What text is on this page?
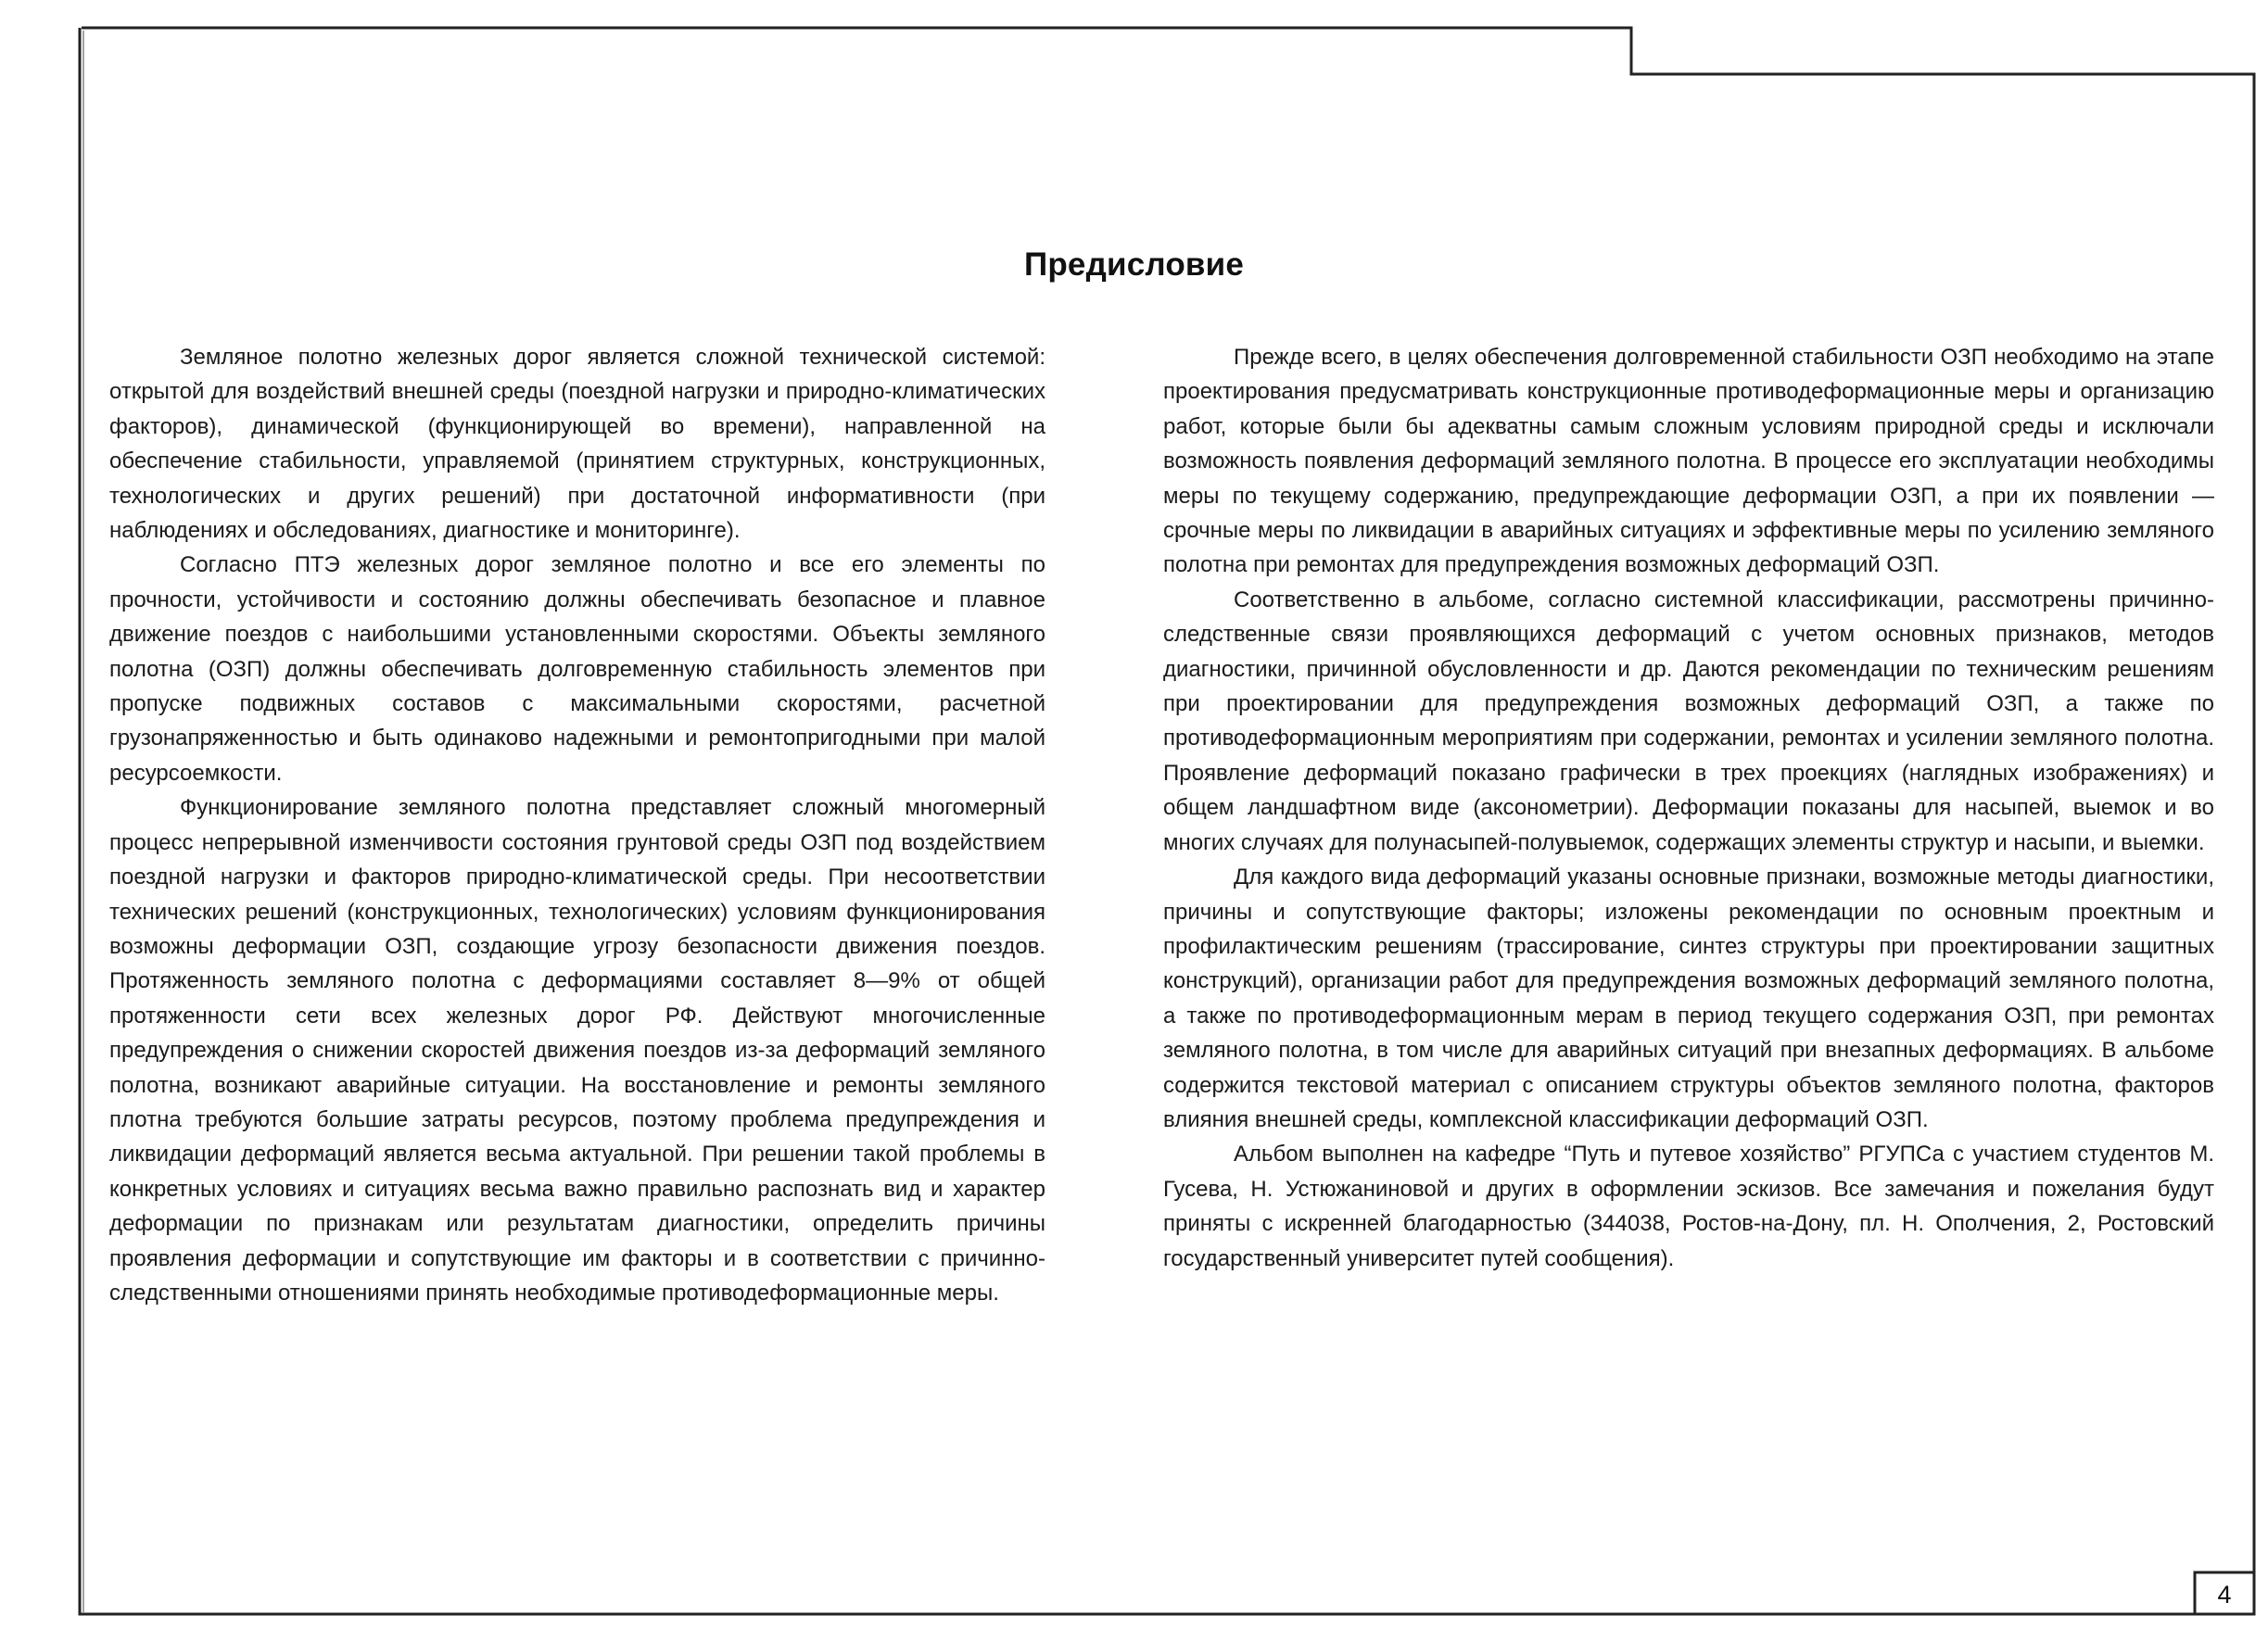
Предисловие

Земляное полотно железных дорог является сложной технической системой: открытой для воздействий внешней среды (поездной нагрузки и природно-климатических факторов), динамической (функционирующей во времени), направленной на обеспечение стабильности, управляемой (принятием структурных, конструкционных, технологических и других решений) при достаточной информативности (при наблюдениях и обследованиях, диагностике и мониторинге).

Согласно ПТЭ железных дорог земляное полотно и все его элементы по прочности, устойчивости и состоянию должны обеспечивать безопасное и плавное движение поездов с наибольшими установленными скоростями. Объекты земляного полотна (ОЗП) должны обеспечивать долговременную стабильность элементов при пропуске подвижных составов с максимальными скоростями, расчетной грузонапряженностью и быть одинаково надежными и ремонтопригодными при малой ресурсоемкости.

Функционирование земляного полотна представляет сложный многомерный процесс непрерывной изменчивости состояния грунтовой среды ОЗП под воздействием поездной нагрузки и факторов природно-климатической среды. При несоответствии технических решений (конструкционных, технологических) условиям функционирования возможны деформации ОЗП, создающие угрозу безопасности движения поездов. Протяженность земляного полотна с деформациями составляет 8—9% от общей протяженности сети всех железных дорог РФ. Действуют многочисленные предупреждения о снижении скоростей движения поездов из-за деформаций земляного полотна, возникают аварийные ситуации. На восстановление и ремонты земляного плотна требуются большие затраты ресурсов, поэтому проблема предупреждения и ликвидации деформаций является весьма актуальной. При решении такой проблемы в конкретных условиях и ситуациях весьма важно правильно распознать вид и характер деформации по признакам или результатам диагностики, определить причины проявления деформации и сопутствующие им факторы и в соответствии с причинно-следственными отношениями принять необходимые противодеформационные меры.

Прежде всего, в целях обеспечения долговременной стабильности ОЗП необходимо на этапе проектирования предусматривать конструкционные противодеформационные меры и организацию работ, которые были бы адекватны самым сложным условиям природной среды и исключали возможность появления деформаций земляного полотна. В процессе его эксплуатации необходимы меры по текущему содержанию, предупреждающие деформации ОЗП, а при их появлении — срочные меры по ликвидации в аварийных ситуациях и эффективные меры по усилению земляного полотна при ремонтах для предупреждения возможных деформаций ОЗП.

Соответственно в альбоме, согласно системной классификации, рассмотрены причинно-следственные связи проявляющихся деформаций с учетом основных признаков, методов диагностики, причинной обусловленности и др. Даются рекомендации по техническим решениям при проектировании для предупреждения возможных деформаций ОЗП, а также по противодеформационным мероприятиям при содержании, ремонтах и усилении земляного полотна. Проявление деформаций показано графически в трех проекциях (наглядных изображениях) и общем ландшафтном виде (аксонометрии). Деформации показаны для насыпей, выемок и во многих случаях для полунасыпей-полувыемок, содержащих элементы структур и насыпи, и выемки.

Для каждого вида деформаций указаны основные признаки, возможные методы диагностики, причины и сопутствующие факторы; изложены рекомендации по основным проектным и профилактическим решениям (трассирование, синтез структуры при проектировании защитных конструкций), организации работ для предупреждения возможных деформаций земляного полотна, а также по противодеформационным мерам в период текущего содержания ОЗП, при ремонтах земляного полотна, в том числе для аварийных ситуаций при внезапных деформациях. В альбоме содержится текстовой материал с описанием структуры объектов земляного полотна, факторов влияния внешней среды, комплексной классификации деформаций ОЗП.

Альбом выполнен на кафедре “Путь и путевое хозяйство” РГУПСа с участием студентов М. Гусева, Н. Устюжаниновой и других в оформлении эскизов. Все замечания и пожелания будут приняты с искренней благодарностью (344038, Ростов-на-Дону, пл. Н. Ополчения, 2, Ростовский государственный университет путей сообщения).

4
